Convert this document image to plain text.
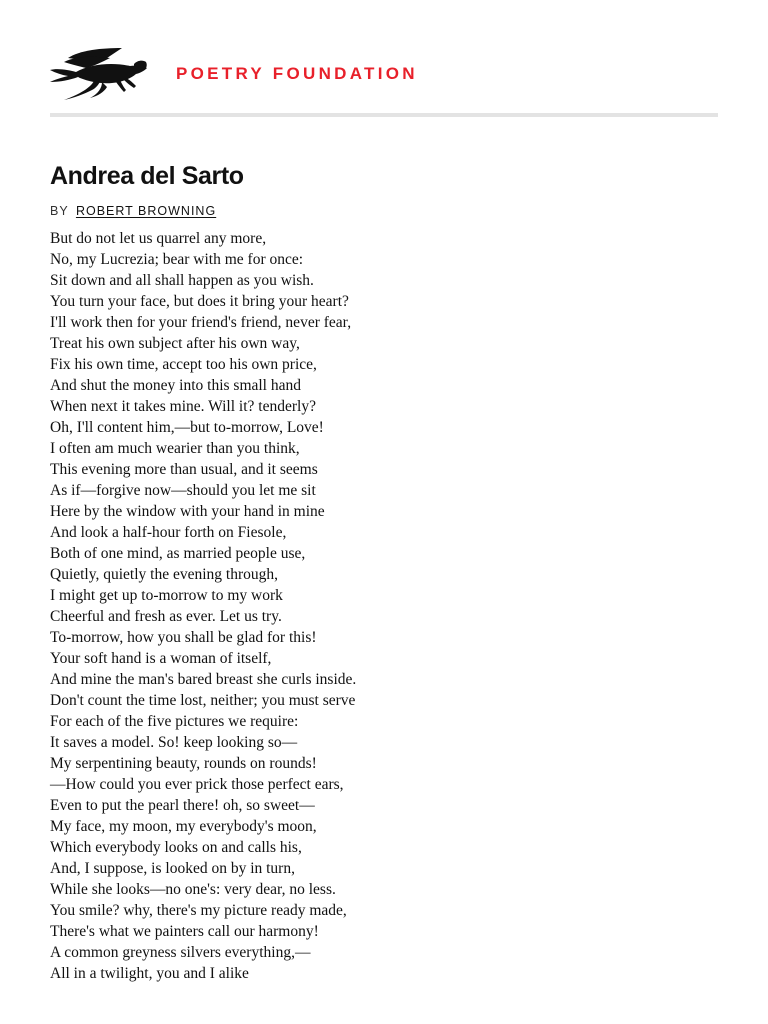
POETRY FOUNDATION
Andrea del Sarto
BY ROBERT BROWNING
But do not let us quarrel any more,
No, my Lucrezia; bear with me for once:
Sit down and all shall happen as you wish.
You turn your face, but does it bring your heart?
I'll work then for your friend's friend, never fear,
Treat his own subject after his own way,
Fix his own time, accept too his own price,
And shut the money into this small hand
When next it takes mine. Will it? tenderly?
Oh, I'll content him,—but to-morrow, Love!
I often am much wearier than you think,
This evening more than usual, and it seems
As if—forgive now—should you let me sit
Here by the window with your hand in mine
And look a half-hour forth on Fiesole,
Both of one mind, as married people use,
Quietly, quietly the evening through,
I might get up to-morrow to my work
Cheerful and fresh as ever. Let us try.
To-morrow, how you shall be glad for this!
Your soft hand is a woman of itself,
And mine the man's bared breast she curls inside.
Don't count the time lost, neither; you must serve
For each of the five pictures we require:
It saves a model. So! keep looking so—
My serpentining beauty, rounds on rounds!
—How could you ever prick those perfect ears,
Even to put the pearl there! oh, so sweet—
My face, my moon, my everybody's moon,
Which everybody looks on and calls his,
And, I suppose, is looked on by in turn,
While she looks—no one's: very dear, no less.
You smile? why, there's my picture ready made,
There's what we painters call our harmony!
A common greyness silvers everything,—
All in a twilight, you and I alike
